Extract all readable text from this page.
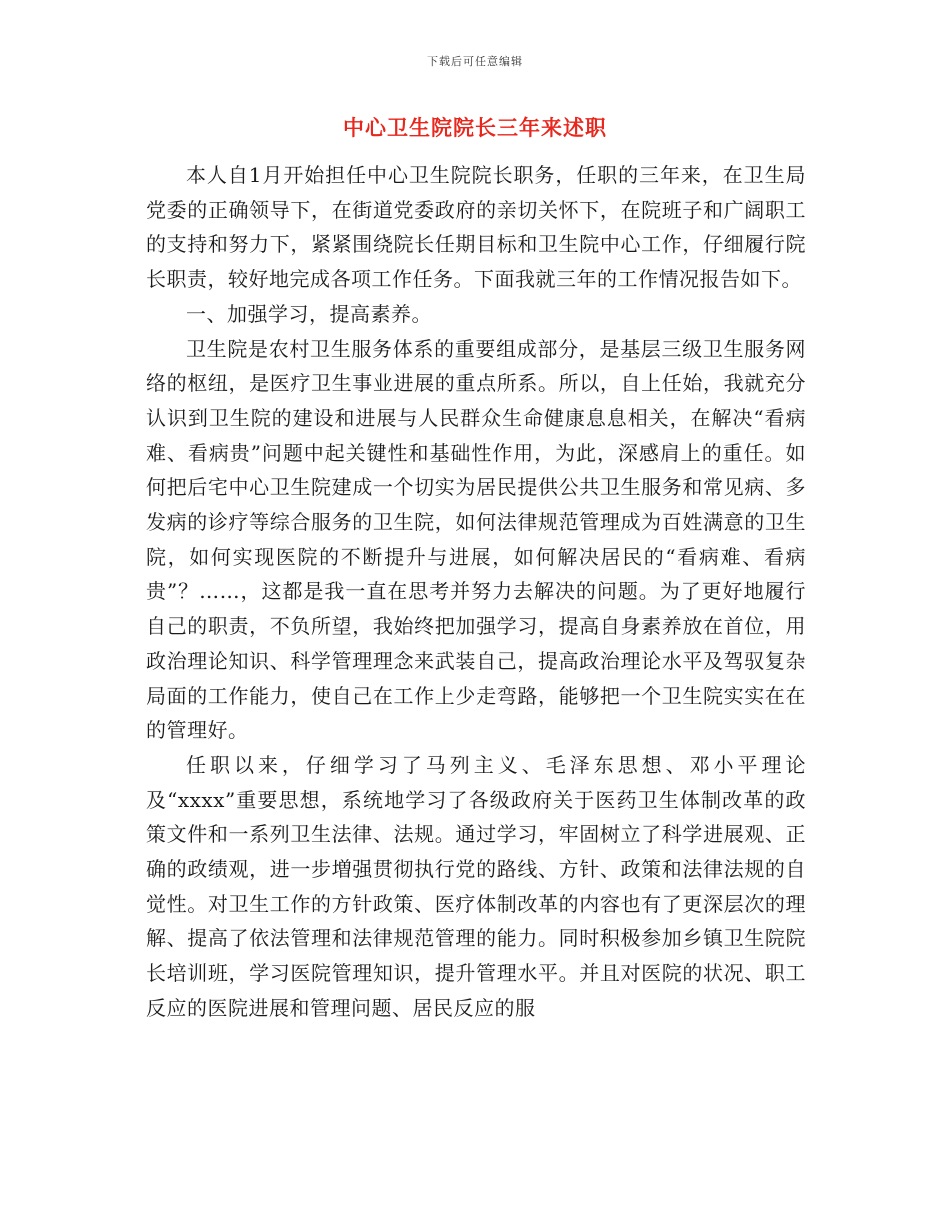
下载后可任意编辑
中心卫生院院长三年来述职

本人自1月开始担任中心卫生院院长职务，任职的三年来，在卫生局党委的正确领导下，在街道党委政府的亲切关怀下，在院班子和广阔职工的支持和努力下，紧紧围绕院长任期目标和卫生院中心工作，仔细履行院长职责，较好地完成各项工作任务。下面我就三年的工作情况报告如下。

一、加强学习，提高素养。

卫生院是农村卫生服务体系的重要组成部分，是基层三级卫生服务网络的枢纽，是医疗卫生事业进展的重点所系。所以，自上任始，我就充分认识到卫生院的建设和进展与人民群众生命健康息息相关，在解决“看病难、看病贵”问题中起关键性和基础性作用，为此，深感肩上的重任。如何把后宅中心卫生院建成一个切实为居民提供公共卫生服务和常见病、多发病的诊疗等综合服务的卫生院，如何法律规范管理成为百姓满意的卫生院，如何实现医院的不断提升与进展，如何解决居民的“看病难、看病贵”？……，这都是我一直在思考并努力去解决的问题。为了更好地履行自己的职责，不负所望，我始终把加强学习，提高自身素养放在首位，用政治理论知识、科学管理理念来武装自己，提高政治理论水平及驾驭复杂局面的工作能力，使自己在工作上少走弯路，能够把一个卫生院实实在在的管理好。

任职以来，仔细学习了马列主义、毛泽东思想、邓小平理论及“xxxx”重要思想，系统地学习了各级政府关于医药卫生体制改革的政策文件和一系列卫生法律、法规。通过学习，牢固树立了科学进展观、正确的政绩观，进一步増强贯彻执行党的路线、方针、政策和法律法规的自觉性。对卫生工作的方针政策、医疗体制改革的内容也有了更深层次的理解、提高了依法管理和法律规范管理的能力。同时积极参加乡镇卫生院院长培训班，学习医院管理知识，提升管理水平。并且对医院的状况、职工反应的医院进展和管理问题、居民反应的服
